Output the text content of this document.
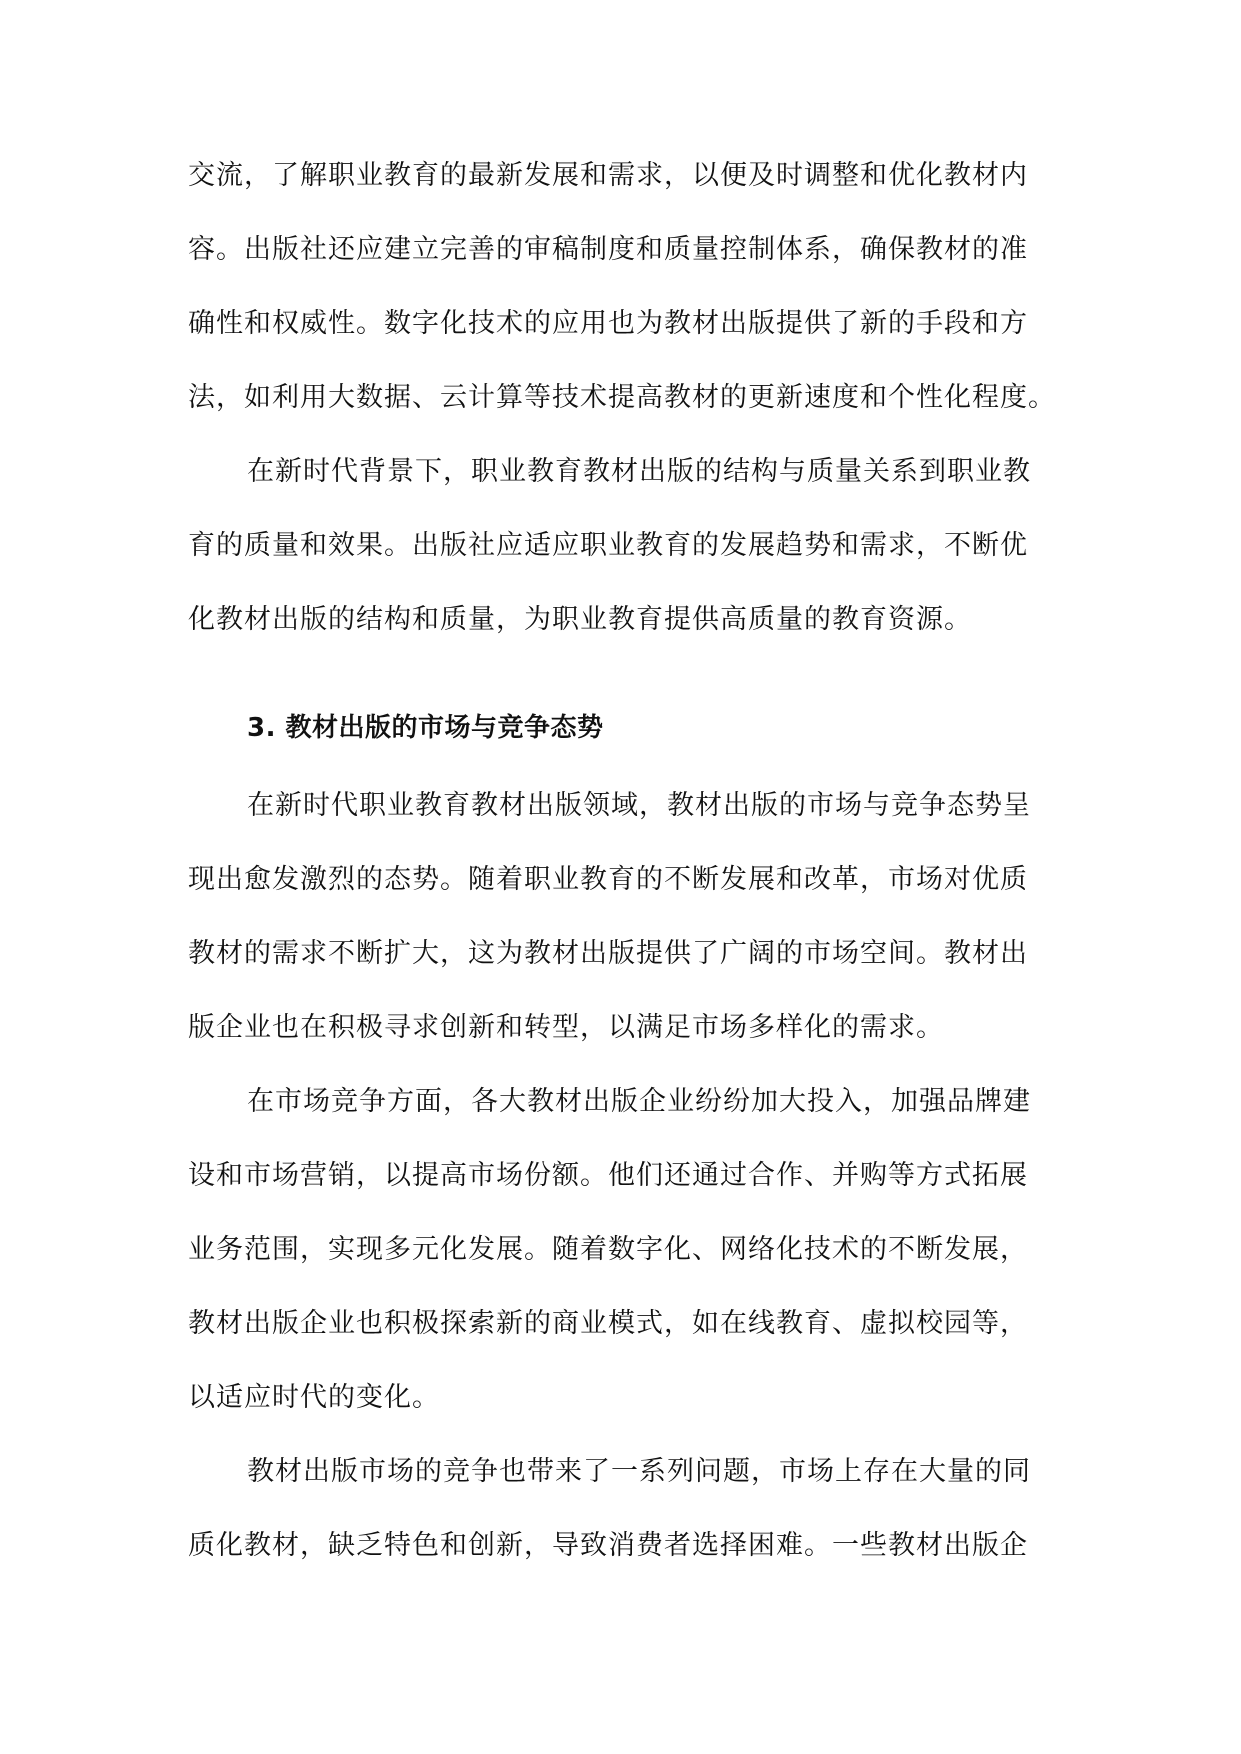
交流，了解职业教育的最新发展和需求，以便及时调整和优化教材内
容。出版社还应建立完善的审稿制度和质量控制体系，确保教材的准
确性和权威性。数字化技术的应用也为教材出版提供了新的手段和方
法，如利用大数据、云计算等技术提高教材的更新速度和个性化程度。
在新时代背景下，职业教育教材出版的结构与质量关系到职业教
育的质量和效果。出版社应适应职业教育的发展趋势和需求，不断优
化教材出版的结构和质量，为职业教育提供高质量的教育资源。
3. 教材出版的市场与竞争态势
在新时代职业教育教材出版领域，教材出版的市场与竞争态势呈
现出愈发激烈的态势。随着职业教育的不断发展和改革，市场对优质
教材的需求不断扩大，这为教材出版提供了广阔的市场空间。教材出
版企业也在积极寻求创新和转型，以满足市场多样化的需求。
在市场竞争方面，各大教材出版企业纷纷加大投入，加强品牌建
设和市场营销，以提高市场份额。他们还通过合作、并购等方式拓展
业务范围，实现多元化发展。随着数字化、网络化技术的不断发展，
教材出版企业也积极探索新的商业模式，如在线教育、虚拟校园等，
以适应时代的变化。
教材出版市场的竞争也带来了一系列问题，市场上存在大量的同
质化教材，缺乏特色和创新，导致消费者选择困难。一些教材出版企
